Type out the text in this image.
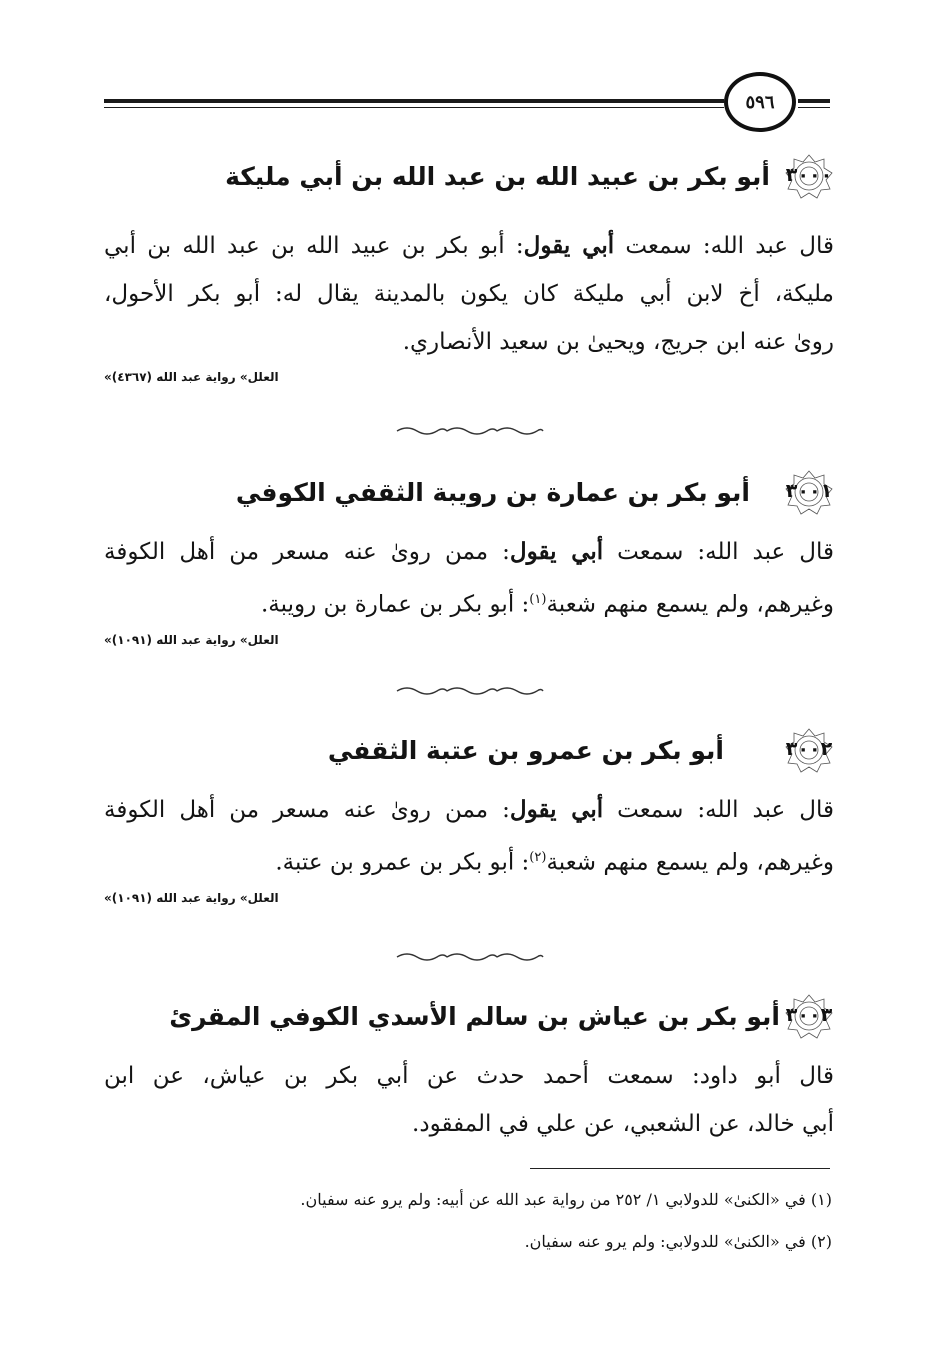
٥٩٦
٣٠٠٠
أبو بكر بن عبيد الله بن عبد الله بن أبي مليكة
قال عبد الله: سمعت أبي يقول: أبو بكر بن عبيد الله بن عبد الله بن أبي
مليكة، أخ لابن أبي مليكة كان يكون بالمدينة يقال له: أبو بكر الأحول،
روىٰ عنه ابن جريج، ويحيىٰ بن سعيد الأنصاري.
«العلل» رواية عبد الله (٤٣٦٧)
٣٠٠١
أبو بكر بن عمارة بن رويبة الثقفي الكوفي
قال عبد الله: سمعت أبي يقول: ممن روىٰ عنه مسعر من أهل الكوفة
وغيرهم، ولم يسمع منهم شعبة$^{(١)}$: أبو بكر بن عمارة بن رويبة.
«العلل» رواية عبد الله (١٠٩١)
٣٠٠٢
أبو بكر بن عمرو بن عتبة الثقفي
قال عبد الله: سمعت أبي يقول: ممن روىٰ عنه مسعر من أهل الكوفة
وغيرهم، ولم يسمع منهم شعبة$^{(٢)}$: أبو بكر بن عمرو بن عتبة.
«العلل» رواية عبد الله (١٠٩١)
٣٠٠٣
أبو بكر بن عياش بن سالم الأسدي الكوفي المقرئ
قال أبو داود: سمعت أحمد حدث عن أبي بكر بن عياش، عن ابن
أبي خالد، عن الشعبي، عن علي في المفقود.
(١) في «الكنىٰ» للدولابي ١/ ٢٥٢ من رواية عبد الله عن أبيه: ولم يرو عنه سفيان.
(٢) في «الكنىٰ» للدولابي: ولم يرو عنه سفيان.
